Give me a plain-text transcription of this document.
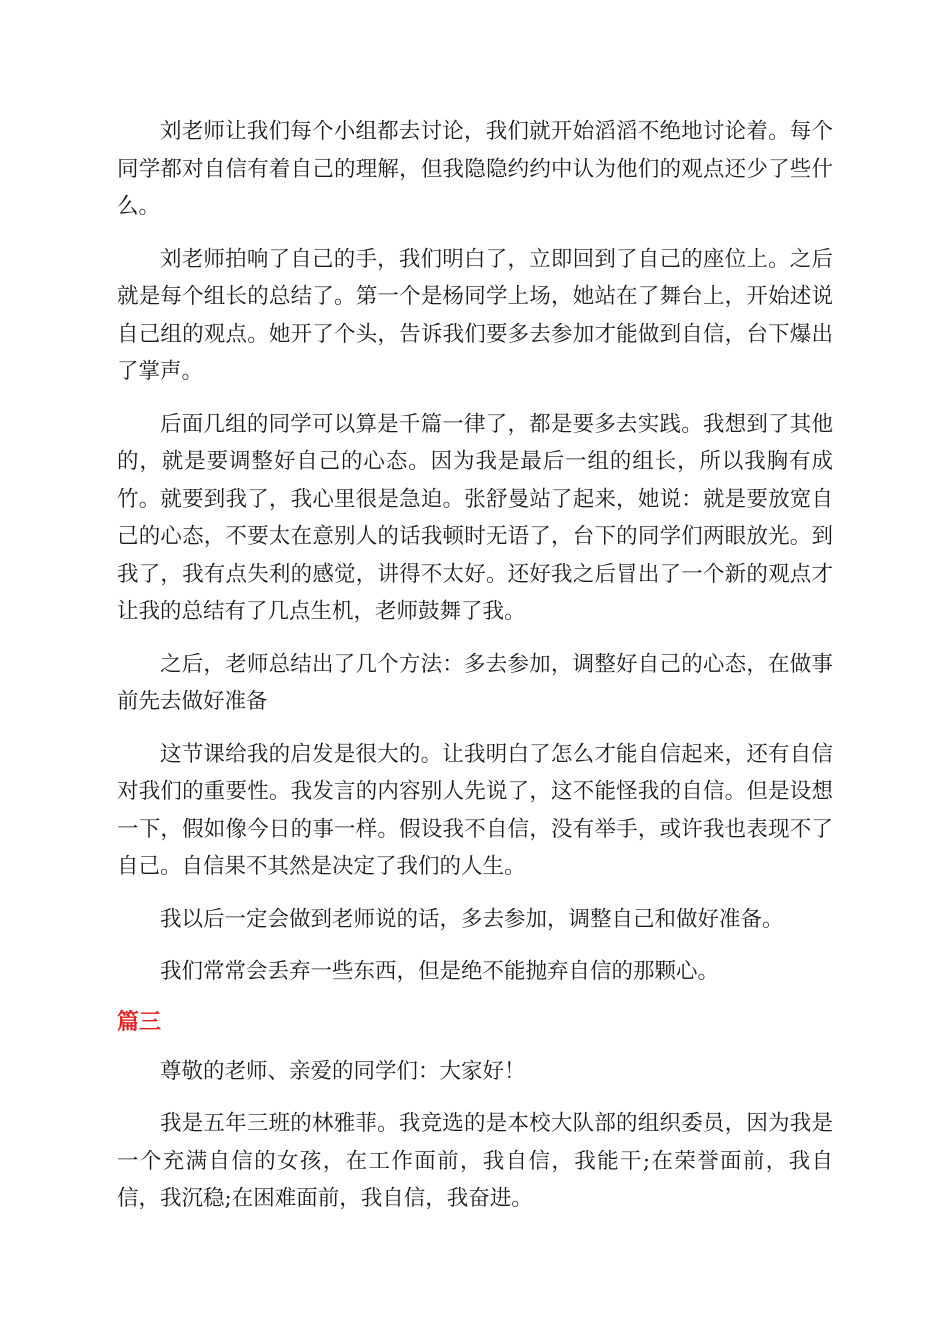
刘老师让我们每个小组都去讨论，我们就开始滔滔不绝地讨论着。每个同学都对自信有着自己的理解，但我隐隐约约中认为他们的观点还少了些什么。

刘老师拍响了自己的手，我们明白了，立即回到了自己的座位上。之后就是每个组长的总结了。第一个是杨同学上场，她站在了舞台上，开始述说自己组的观点。她开了个头，告诉我们要多去参加才能做到自信，台下爆出了掌声。

后面几组的同学可以算是千篇一律了，都是要多去实践。我想到了其他的，就是要调整好自己的心态。因为我是最后一组的组长，所以我胸有成竹。就要到我了，我心里很是急迫。张舒曼站了起来，她说：就是要放宽自己的心态，不要太在意别人的话我顿时无语了，台下的同学们两眼放光。到我了，我有点失利的感觉，讲得不太好。还好我之后冒出了一个新的观点才让我的总结有了几点生机，老师鼓舞了我。

之后，老师总结出了几个方法：多去参加，调整好自己的心态，在做事前先去做好准备

这节课给我的启发是很大的。让我明白了怎么才能自信起来，还有自信对我们的重要性。我发言的内容别人先说了，这不能怪我的自信。但是设想一下，假如像今日的事一样。假设我不自信，没有举手，或许我也表现不了自己。自信果不其然是决定了我们的人生。

我以后一定会做到老师说的话，多去参加，调整自己和做好准备。

我们常常会丢弃一些东西，但是绝不能抛弃自信的那颗心。

篇三

尊敬的老师、亲爱的同学们：大家好！

我是五年三班的林雅菲。我竞选的是本校大队部的组织委员，因为我是一个充满自信的女孩，在工作面前，我自信，我能干;在荣誉面前，我自信，我沉稳;在困难面前，我自信，我奋进。
